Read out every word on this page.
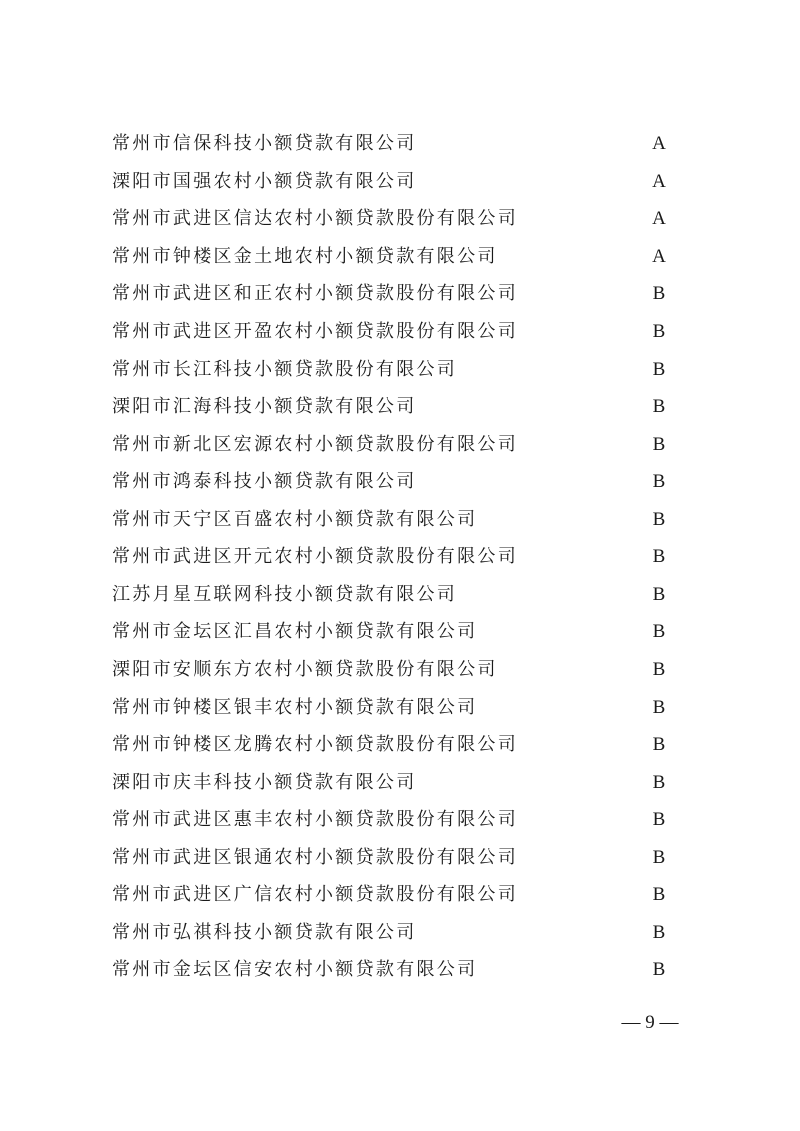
常州市信保科技小额贷款有限公司	A
溧阳市国强农村小额贷款有限公司	A
常州市武进区信达农村小额贷款股份有限公司	A
常州市钟楼区金土地农村小额贷款有限公司	A
常州市武进区和正农村小额贷款股份有限公司	B
常州市武进区开盈农村小额贷款股份有限公司	B
常州市长江科技小额贷款股份有限公司	B
溧阳市汇海科技小额贷款有限公司	B
常州市新北区宏源农村小额贷款股份有限公司	B
常州市鸿泰科技小额贷款有限公司	B
常州市天宁区百盛农村小额贷款有限公司	B
常州市武进区开元农村小额贷款股份有限公司	B
江苏月星互联网科技小额贷款有限公司	B
常州市金坛区汇昌农村小额贷款有限公司	B
溧阳市安顺东方农村小额贷款股份有限公司	B
常州市钟楼区银丰农村小额贷款有限公司	B
常州市钟楼区龙腾农村小额贷款股份有限公司	B
溧阳市庆丰科技小额贷款有限公司	B
常州市武进区惠丰农村小额贷款股份有限公司	B
常州市武进区银通农村小额贷款股份有限公司	B
常州市武进区广信农村小额贷款股份有限公司	B
常州市弘祺科技小额贷款有限公司	B
常州市金坛区信安农村小额贷款有限公司	B
— 9 —
